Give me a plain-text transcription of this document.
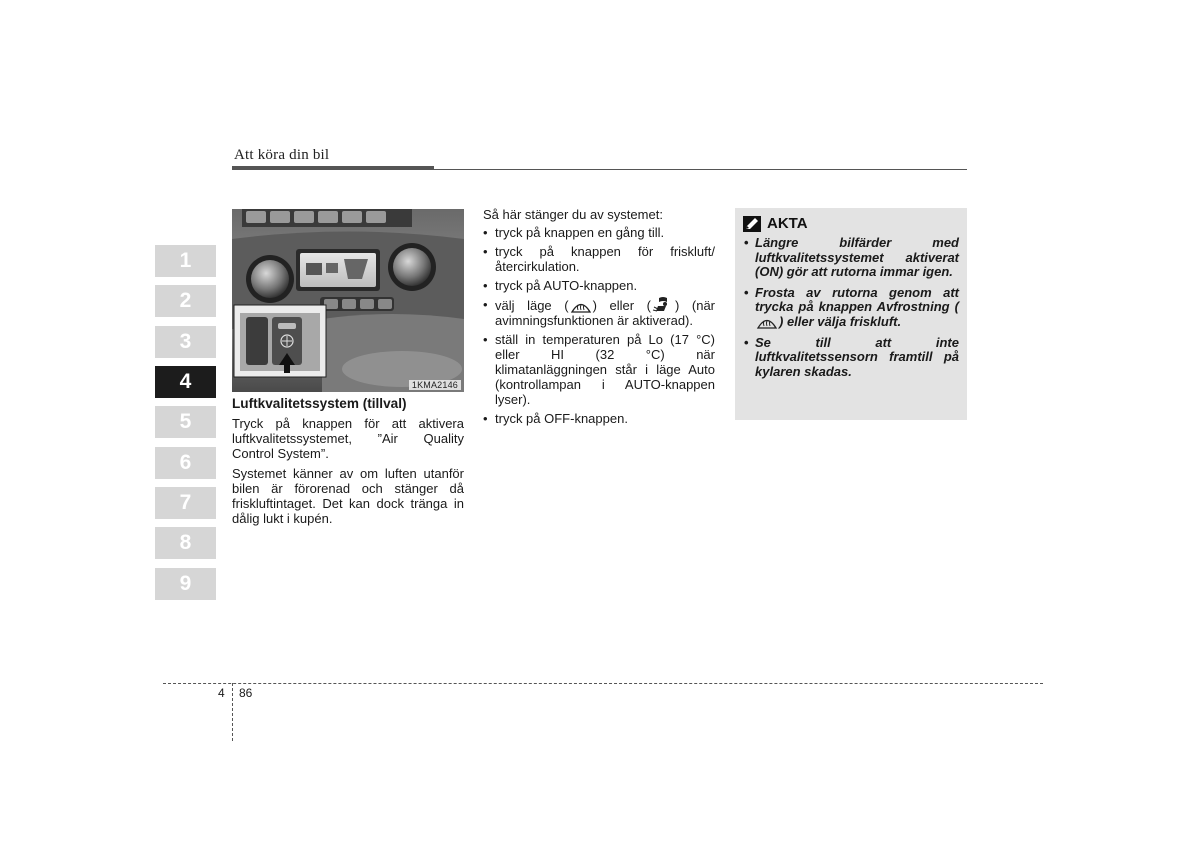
Att köra din bil
1
2
3
4
5
6
7
8
9
1KMA2146
Luftkvalitetssystem (tillval)

Tryck på knappen för att aktivera luftkvalitetssystemet, ”Air Quality Control System”.

Systemet känner av om luften utanför bilen är förorenad och stänger då friskluftintaget. Det kan dock tränga in dålig lukt i kupén.

Så här stänger du av systemet:

• tryck på knappen en gång till.
• tryck på knappen för friskluft/återcirkulation.
• tryck på AUTO-knappen.
• välj läge ( ) eller ( ) (när avimningsfunktionen är aktiverad).
• ställ in temperaturen på Lo (17 °C) eller HI (32 °C) när klimatanläggningen står i läge Auto (kontrollampan i AUTO-knappen lyser).
• tryck på OFF-knappen.
AKTA
• Längre bilfärder med luftkvalitetssystemet aktiverat (ON) gör att rutorna immar igen.
• Frosta av rutorna genom att trycka på knappen Avfrostning () eller välja friskluft.
• Se till att inte luftkvalitetssensorn framtill på kylaren skadas.
4 86
